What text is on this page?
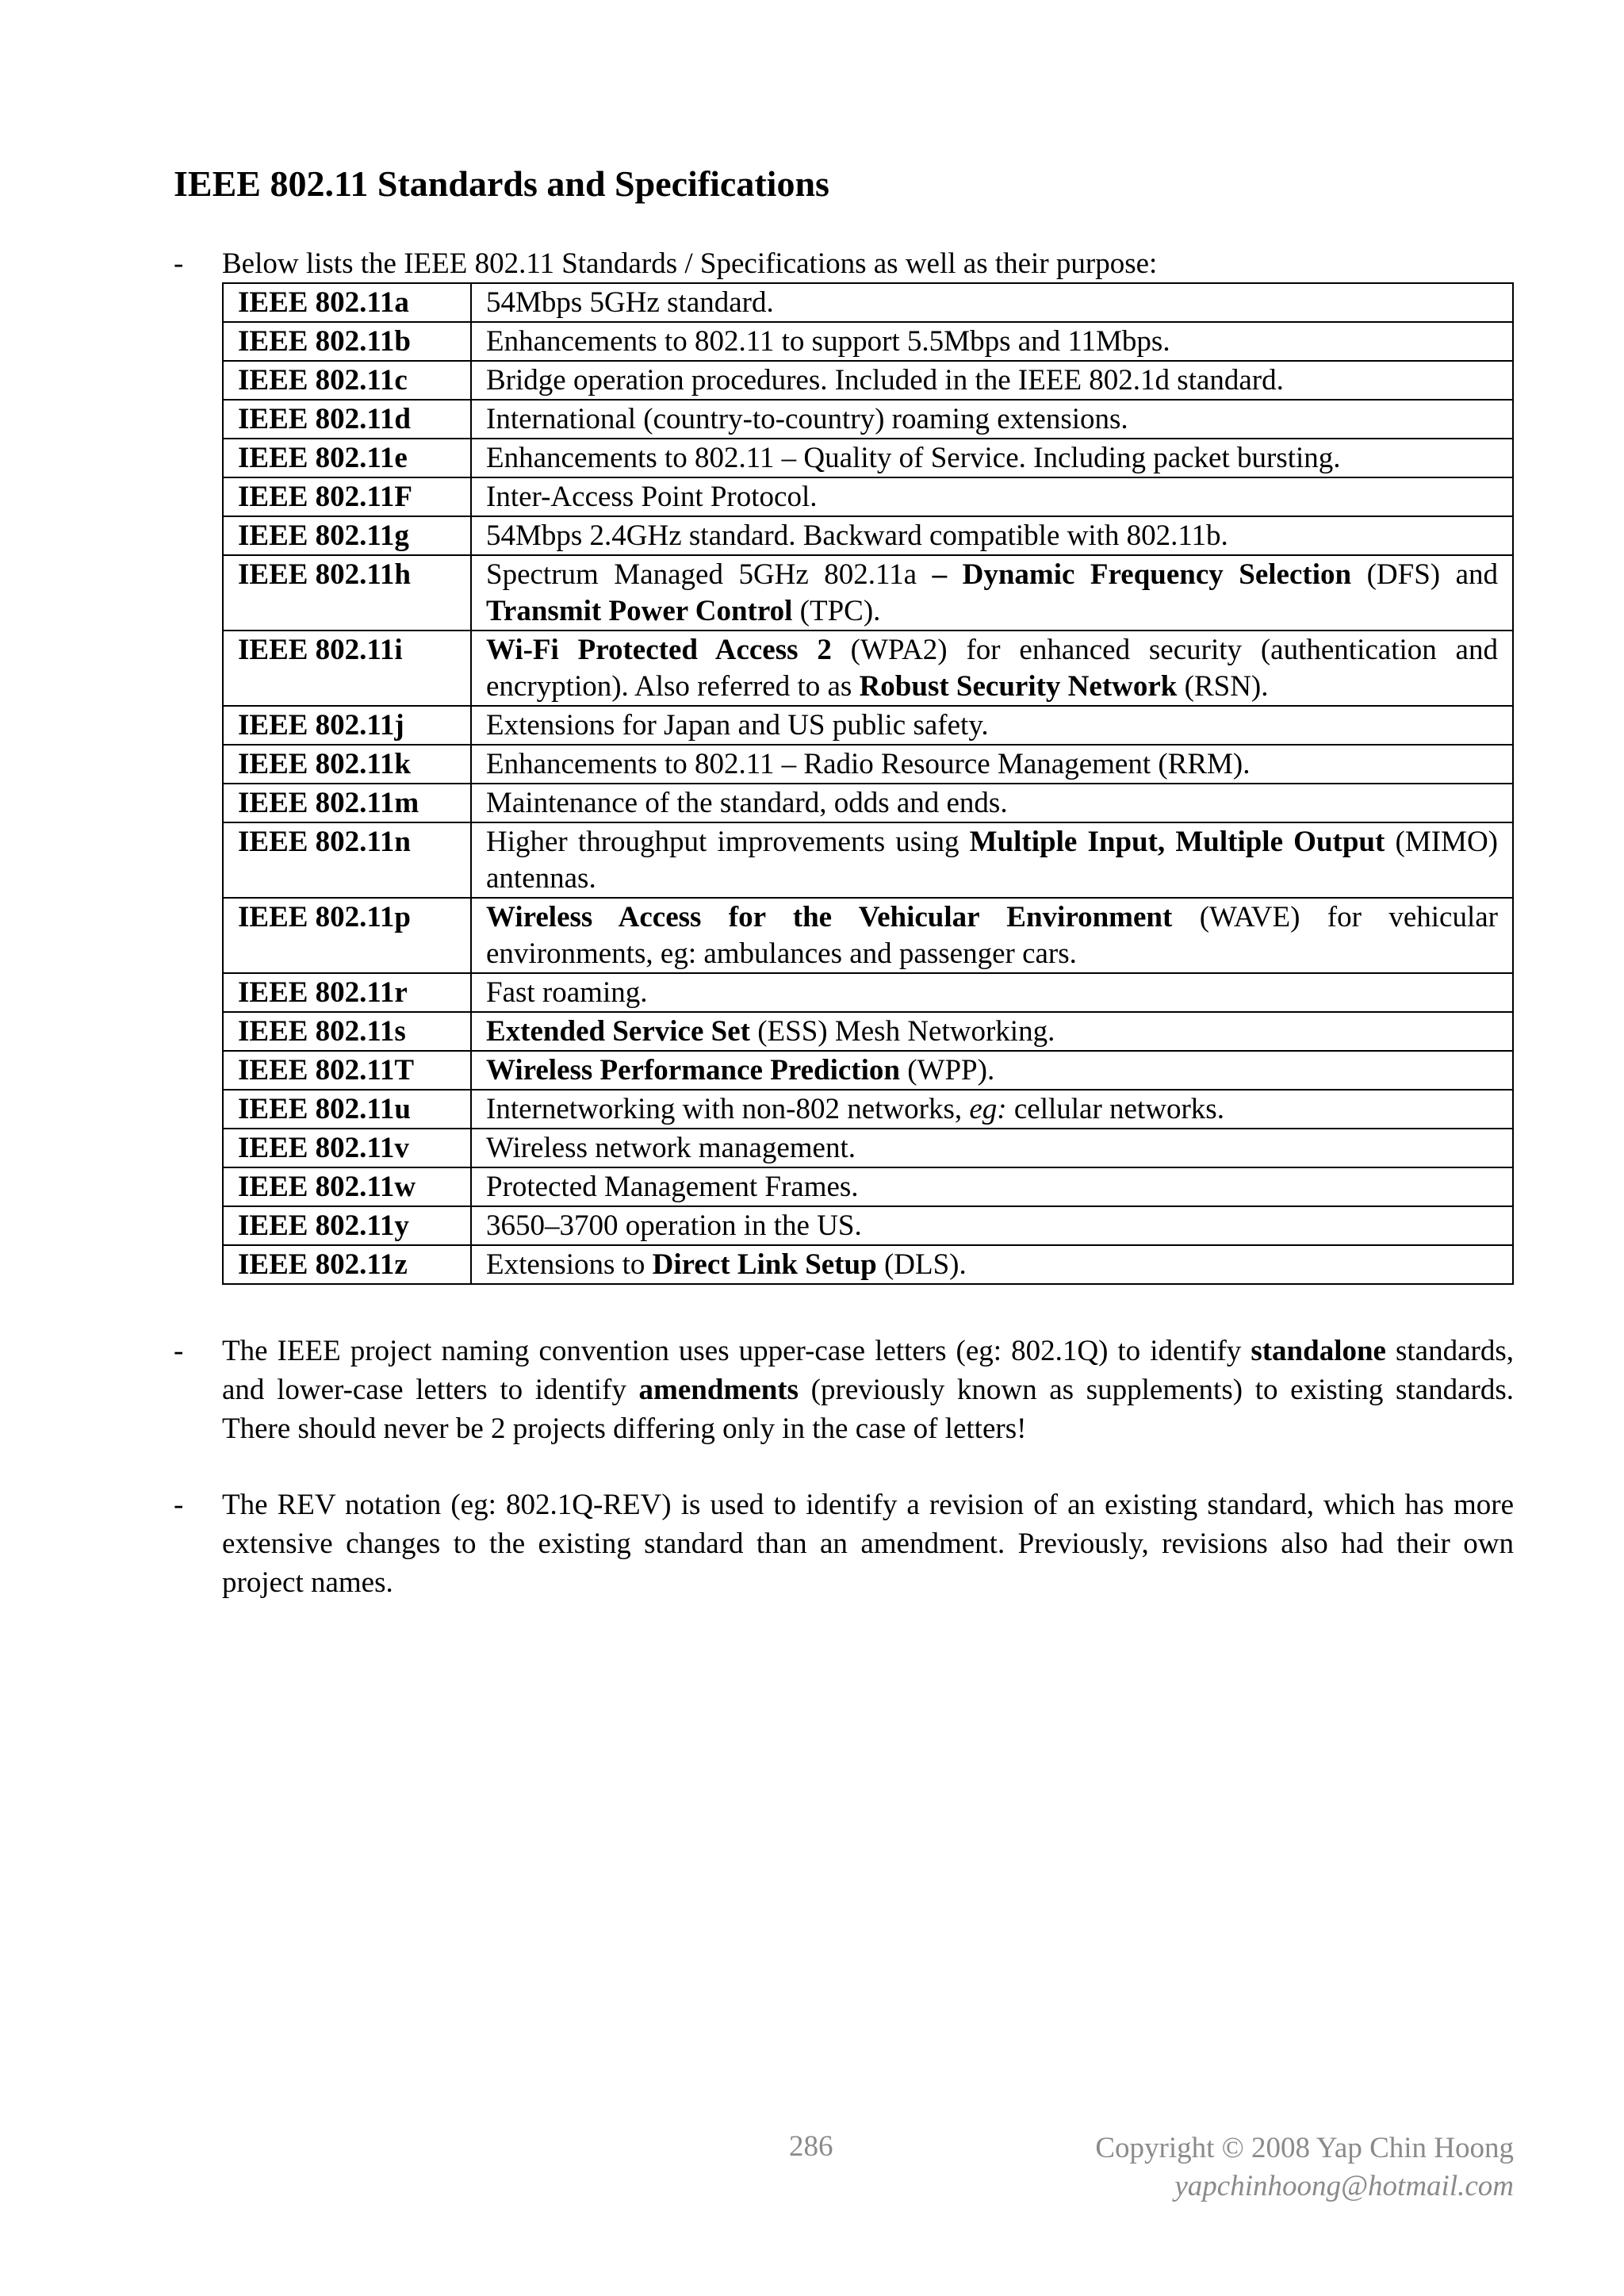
IEEE 802.11 Standards and Specifications
- Below lists the IEEE 802.11 Standards / Specifications as well as their purpose:
IEEE 802.11a	54Mbps 5GHz standard.
IEEE 802.11b	Enhancements to 802.11 to support 5.5Mbps and 11Mbps.
IEEE 802.11c	Bridge operation procedures. Included in the IEEE 802.1d standard.
IEEE 802.11d	International (country-to-country) roaming extensions.
IEEE 802.11e	Enhancements to 802.11 – Quality of Service. Including packet bursting.
IEEE 802.11F	Inter-Access Point Protocol.
IEEE 802.11g	54Mbps 2.4GHz standard. Backward compatible with 802.11b.
IEEE 802.11h	Spectrum Managed 5GHz 802.11a – Dynamic Frequency Selection (DFS) and Transmit Power Control (TPC).
IEEE 802.11i	Wi-Fi Protected Access 2 (WPA2) for enhanced security (authentication and encryption). Also referred to as Robust Security Network (RSN).
IEEE 802.11j	Extensions for Japan and US public safety.
IEEE 802.11k	Enhancements to 802.11 – Radio Resource Management (RRM).
IEEE 802.11m	Maintenance of the standard, odds and ends.
IEEE 802.11n	Higher throughput improvements using Multiple Input, Multiple Output (MIMO) antennas.
IEEE 802.11p	Wireless Access for the Vehicular Environment (WAVE) for vehicular environments, eg: ambulances and passenger cars.
IEEE 802.11r	Fast roaming.
IEEE 802.11s	Extended Service Set (ESS) Mesh Networking.
IEEE 802.11T	Wireless Performance Prediction (WPP).
IEEE 802.11u	Internetworking with non-802 networks, eg: cellular networks.
IEEE 802.11v	Wireless network management.
IEEE 802.11w	Protected Management Frames.
IEEE 802.11y	3650–3700 operation in the US.
IEEE 802.11z	Extensions to Direct Link Setup (DLS).
- The IEEE project naming convention uses upper-case letters (eg: 802.1Q) to identify standalone standards, and lower-case letters to identify amendments (previously known as supplements) to existing standards. There should never be 2 projects differing only in the case of letters!
- The REV notation (eg: 802.1Q-REV) is used to identify a revision of an existing standard, which has more extensive changes to the existing standard than an amendment. Previously, revisions also had their own project names.
286	Copyright © 2008 Yap Chin Hoong
yapchinhoong@hotmail.com
